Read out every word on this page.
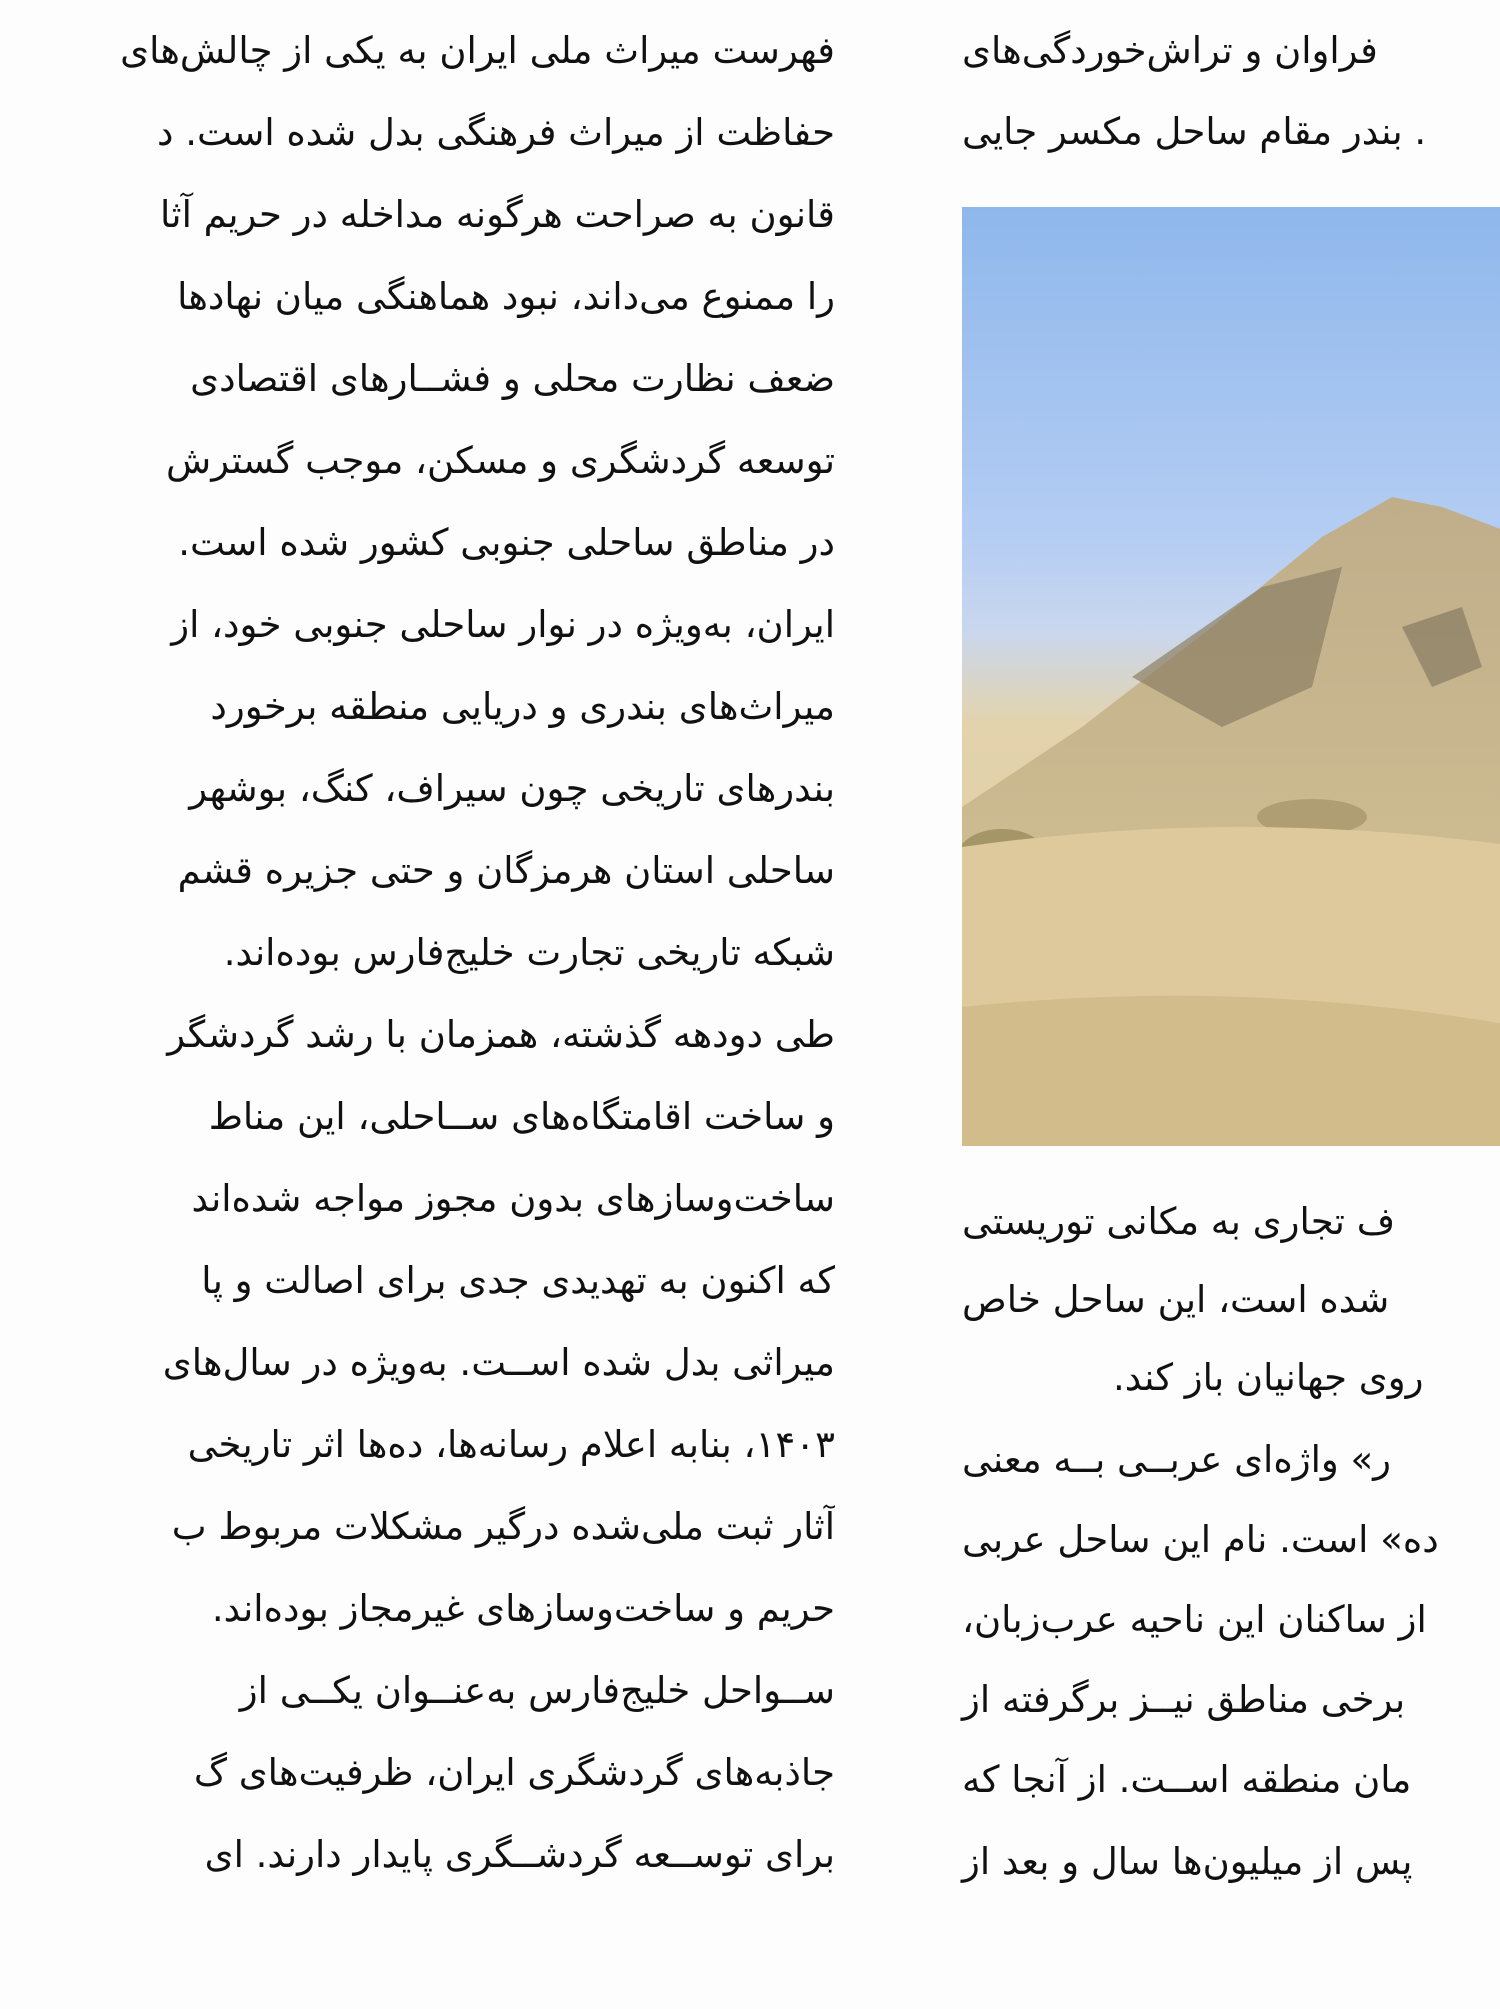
فهرست میراث ملی ایران به یکی از چالش‌های
حفاظت از میراث فرهنگی بدل شده است. د
قانون به صراحت هرگونه مداخله در حریم آثا
را ممنوع می‌داند، نبود هماهنگی میان نهادها
ضعف نظارت محلی و فشــارهای اقتصادی
توسعه گردشگری و مسکن، موجب گسترش
در مناطق ساحلی جنوبی کشور شده است.
ایران، به‌ویژه در نوار ساحلی جنوبی خود، از
میراث‌های بندری و دریایی منطقه برخورد
بندرهای تاریخی چون سیراف، کنگ، بوشهر
ساحلی استان هرمزگان و حتی جزیره قشم
شبکه تاریخی تجارت خلیج‌فارس بوده‌اند.
طی دودهه گذشته، همزمان با رشد گردشگر
و ساخت اقامتگاه‌های ســاحلی، این مناط
ساخت‌وسازهای بدون مجوز مواجه شده‌اند
که اکنون به تهدیدی جدی برای اصالت و پا
میراثی بدل شده اســت. به‌ویژه در سال‌های
۱۴۰۳، بنابه اعلام رسانه‌ها، ده‌ها اثر تاریخی
آثار ثبت ملی‌شده درگیر مشکلات مربوط ب
حریم و ساخت‌وسازهای غیرمجاز بوده‌اند.
ســواحل خلیج‌فارس به‌عنــوان یکــی از
جاذبه‌های گردشگری ایران، ظرفیت‌های گ
برای توســعه گردشــگری پایدار دارند. ای
فراوان و تراش‌خوردگی‌های
. بندر مقام ساحل مکسر جایی
ف تجاری به مکانی توریستی
شده است، این ساحل خاص
روی جهانیان باز کند.
ر» واژه‌ای عربــی بــه معنی
ده» است. نام این ساحل عربی
از ساکنان این ناحیه عرب‌زبان،
برخی مناطق نیــز برگرفته از
مان منطقه اســت. از آنجا که
پس از میلیون‌ها سال و بعد از
